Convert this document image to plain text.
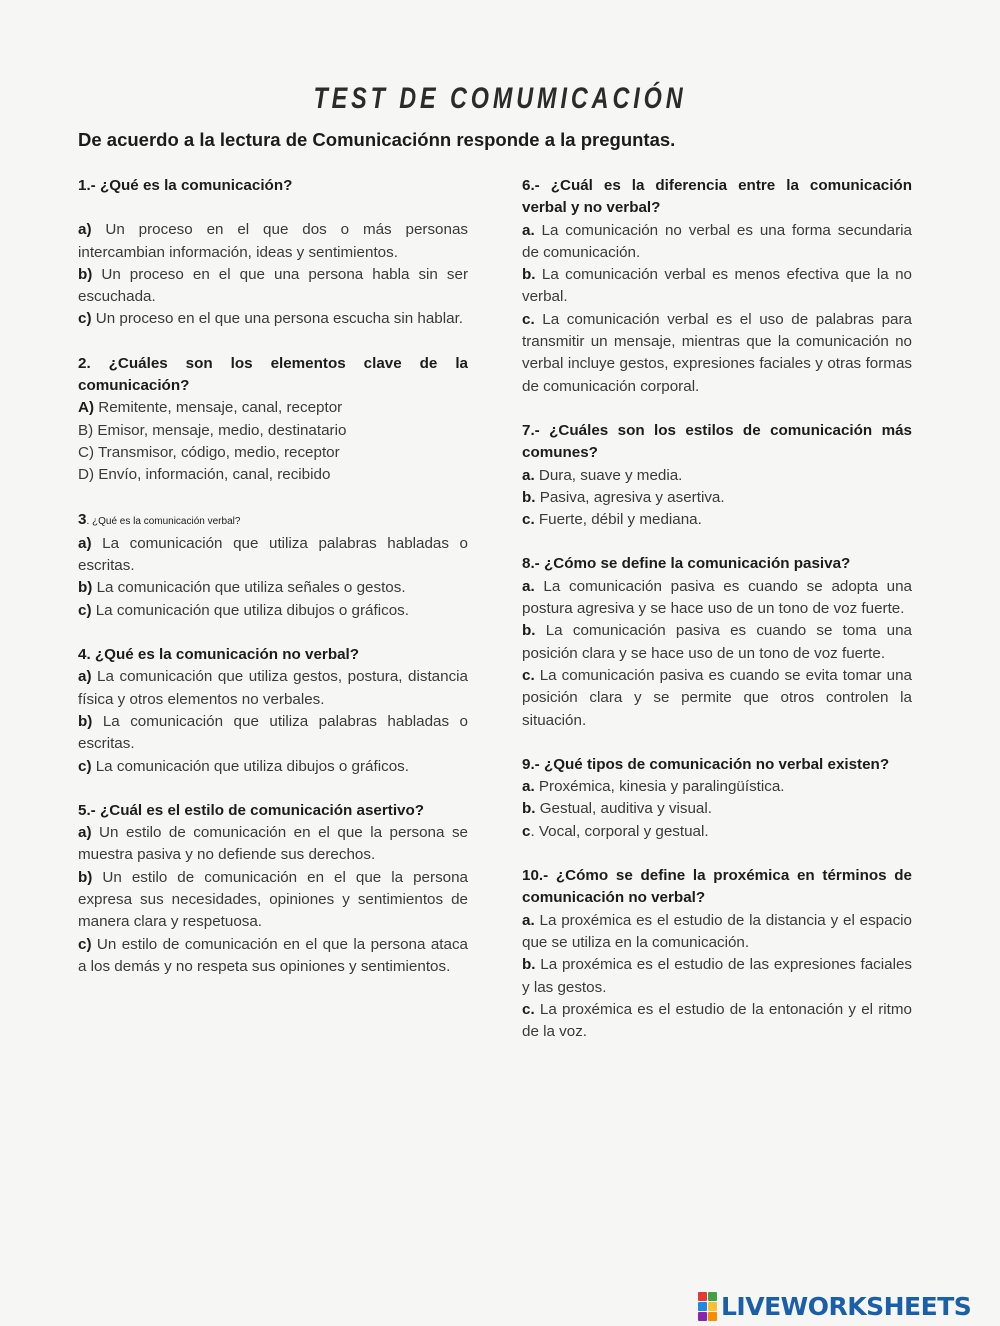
TEST DE COMUMICACIÓN
De acuerdo a la lectura de Comunicaciónn responde a la preguntas.
1.- ¿Qué es la comunicación?
a) Un proceso en el que dos o más personas intercambian información, ideas y sentimientos.
b) Un proceso en el que una persona habla sin ser escuchada.
c) Un proceso en el que una persona escucha sin hablar.
2. ¿Cuáles son los elementos clave de la comunicación?
A) Remitente, mensaje, canal, receptor
B) Emisor, mensaje, medio, destinatario
C) Transmisor, código, medio, receptor
D) Envío, información, canal, recibido
3. ¿Qué es la comunicación verbal?
a) La comunicación que utiliza palabras habladas o escritas.
b) La comunicación que utiliza señales o gestos.
c) La comunicación que utiliza dibujos o gráficos.
4. ¿Qué es la comunicación no verbal?
a) La comunicación que utiliza gestos, postura, distancia física y otros elementos no verbales.
b) La comunicación que utiliza palabras habladas o escritas.
c) La comunicación que utiliza dibujos o gráficos.
5.- ¿Cuál es el estilo de comunicación asertivo?
a) Un estilo de comunicación en el que la persona se muestra pasiva y no defiende sus derechos.
b) Un estilo de comunicación en el que la persona expresa sus necesidades, opiniones y sentimientos de manera clara y respetuosa.
c) Un estilo de comunicación en el que la persona ataca a los demás y no respeta sus opiniones y sentimientos.
6.- ¿Cuál es la diferencia entre la comunicación verbal y no verbal?
a. La comunicación no verbal es una forma secundaria de comunicación.
b. La comunicación verbal es menos efectiva que la no verbal.
c. La comunicación verbal es el uso de palabras para transmitir un mensaje, mientras que la comunicación no verbal incluye gestos, expresiones faciales y otras formas de comunicación corporal.
7.- ¿Cuáles son los estilos de comunicación más comunes?
a. Dura, suave y media.
b. Pasiva, agresiva y asertiva.
c. Fuerte, débil y mediana.
8.- ¿Cómo se define la comunicación pasiva?
a. La comunicación pasiva es cuando se adopta una postura agresiva y se hace uso de un tono de voz fuerte.
b. La comunicación pasiva es cuando se toma una posición clara y se hace uso de un tono de voz fuerte.
c. La comunicación pasiva es cuando se evita tomar una posición clara y se permite que otros controlen la situación.
9.- ¿Qué tipos de comunicación no verbal existen?
a. Proxémica, kinesia y paralingüística.
b. Gestual, auditiva y visual.
c. Vocal, corporal y gestual.
10.- ¿Cómo se define la proxémica en términos de comunicación no verbal?
a. La proxémica es el estudio de la distancia y el espacio que se utiliza en la comunicación.
b. La proxémica es el estudio de las expresiones faciales y las gestos.
c. La proxémica es el estudio de la entonación y el ritmo de la voz.
LIVEWORKSHEETS
